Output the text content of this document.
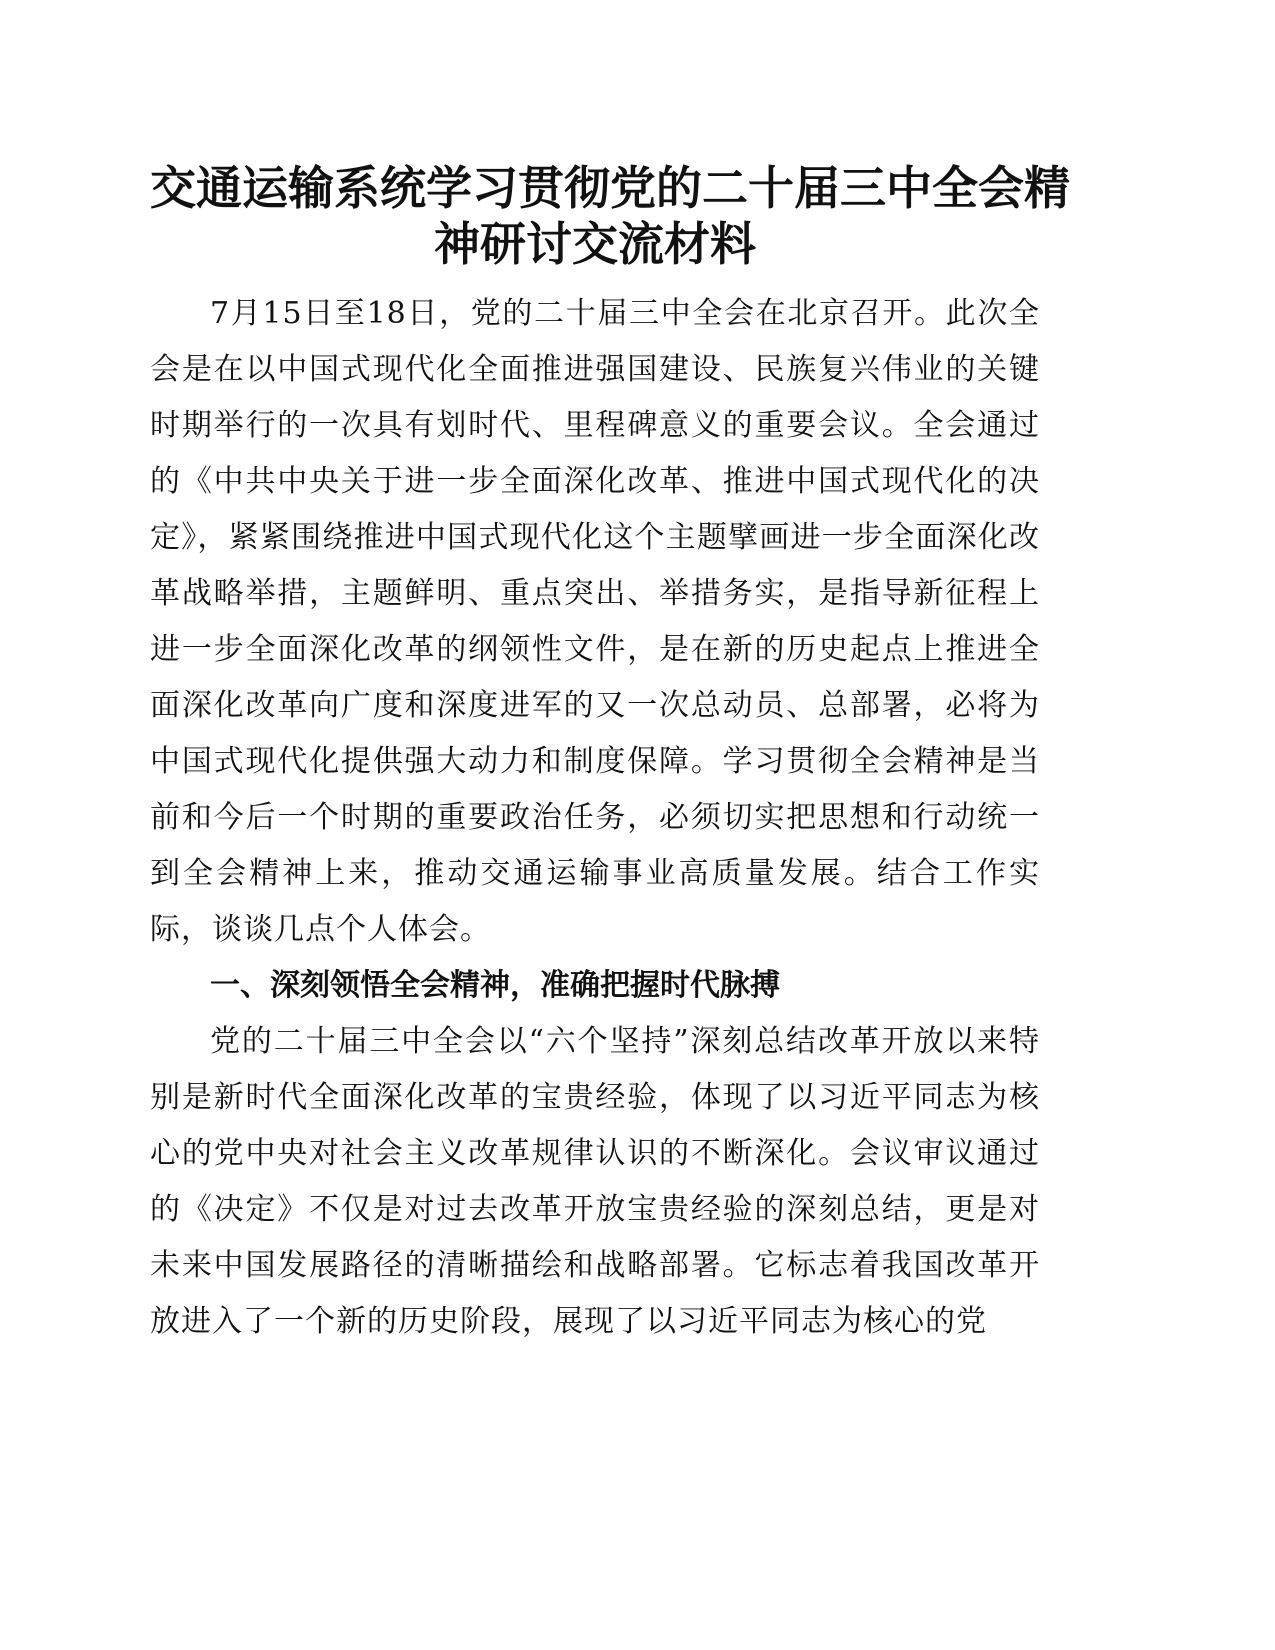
交通运输系统学习贯彻党的二十届三中全会精
神研讨交流材料

7月15日至18日，党的二十届三中全会在北京召开。此次全会是在以中国式现代化全面推进强国建设、民族复兴伟业的关键时期举行的一次具有划时代、里程碑意义的重要会议。全会通过的《中共中央关于进一步全面深化改革、推进中国式现代化的决定》，紧紧围绕推进中国式现代化这个主题擘画进一步全面深化改革战略举措，主题鲜明、重点突出、举措务实，是指导新征程上进一步全面深化改革的纲领性文件，是在新的历史起点上推进全面深化改革向广度和深度进军的又一次总动员、总部署，必将为中国式现代化提供强大动力和制度保障。学习贯彻全会精神是当前和今后一个时期的重要政治任务，必须切实把思想和行动统一到全会精神上来，推动交通运输事业高质量发展。结合工作实际，谈谈几点个人体会。

一、深刻领悟全会精神，准确把握时代脉搏

党的二十届三中全会以“六个坚持”深刻总结改革开放以来特别是新时代全面深化改革的宝贵经验，体现了以习近平同志为核心的党中央对社会主义改革规律认识的不断深化。会议审议通过的《决定》不仅是对过去改革开放宝贵经验的深刻总结，更是对未来中国发展路径的清晰描绘和战略部署。它标志着我国改革开放进入了一个新的历史阶段，展现了以习近平同志为核心的党
